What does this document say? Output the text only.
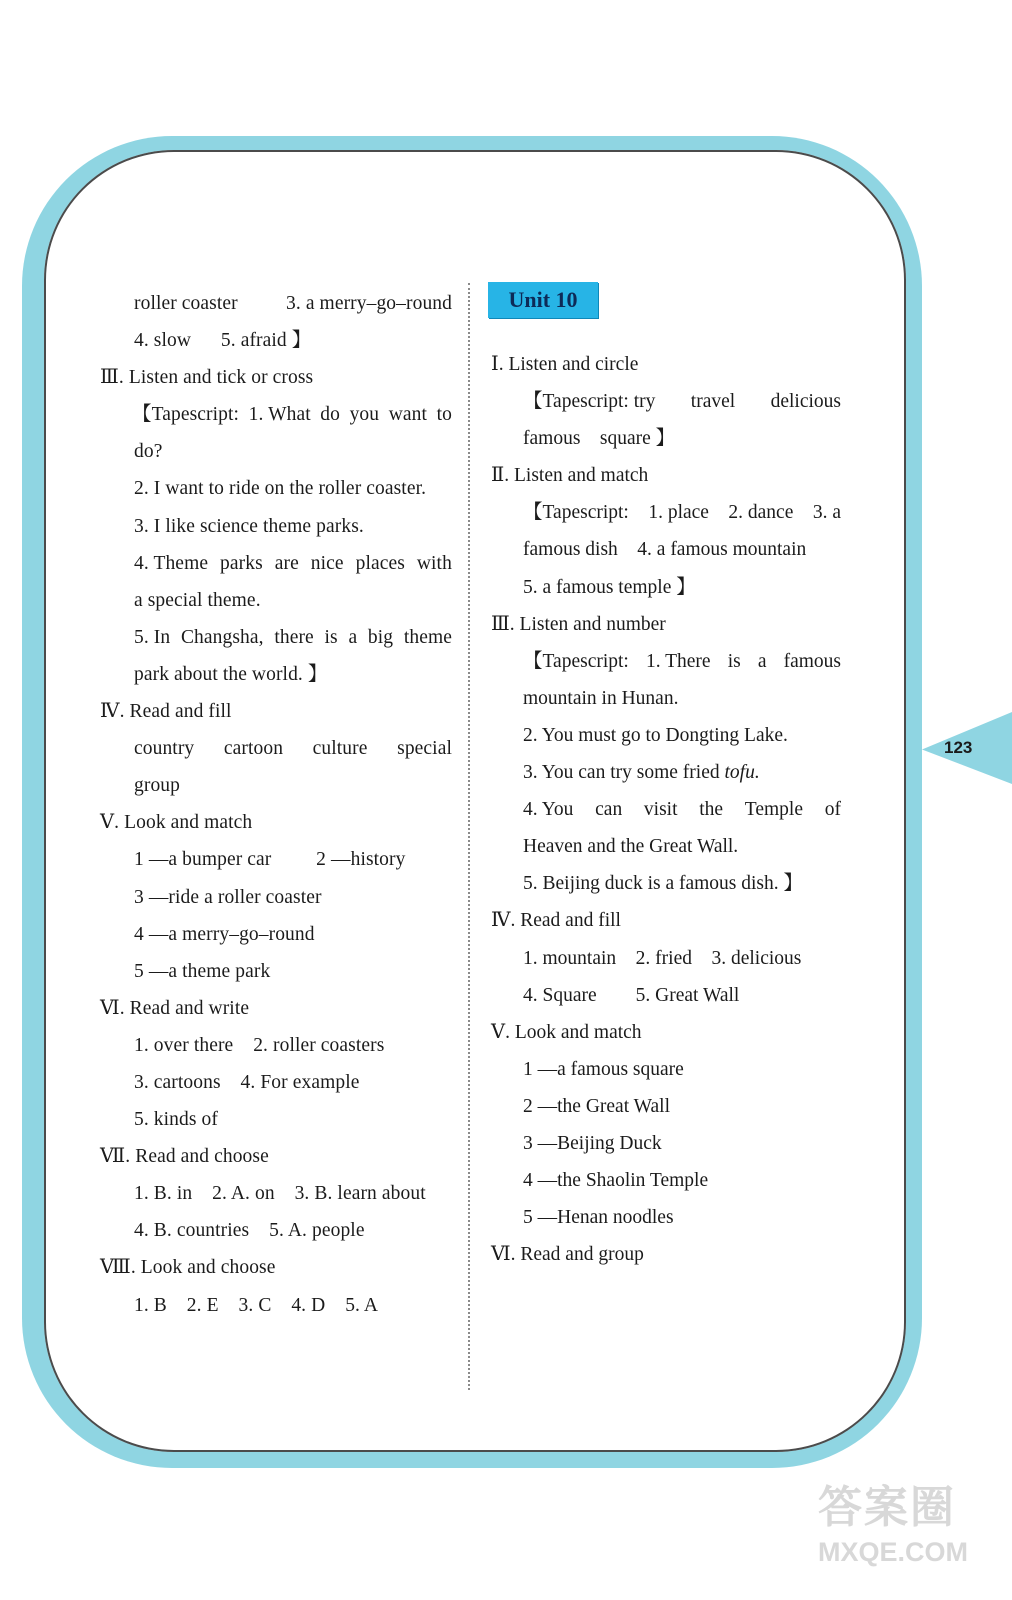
roller coaster 3. a merry–go–round
4. slow      5. afraid 】
Ⅲ. Listen and tick or cross
【Tapescript: 1. What do you want to
do?
2. I want to ride on the roller coaster.
3. I like science theme parks.
4. Theme parks are nice places with
a special theme.
5. In Changsha, there is a big theme
park about the world. 】
Ⅳ. Read and fill
country cartoon culture special
group
Ⅴ. Look and match
1 —a bumper car         2 —history
3 —ride a roller coaster
4 —a merry–go–round
5 —a theme park
Ⅵ. Read and write
1. over there    2. roller coasters
3. cartoons    4. For example
5. kinds of
Ⅶ. Read and choose
1. B. in    2. A. on    3. B. learn about
4. B. countries    5. A. people
Ⅷ. Look and choose
1. B    2. E    3. C    4. D    5. A
Unit 10
Ⅰ. Listen and circle
【Tapescript: try travel delicious
famous    square 】
Ⅱ. Listen and match
【Tapescript: 1. place 2. dance 3. a
famous dish    4. a famous mountain
5. a famous temple 】
Ⅲ. Listen and number
【Tapescript: 1. There is a famous
mountain in Hunan.
2. You must go to Dongting Lake.
3. You can try some fried tofu.
4. You can visit the Temple of
Heaven and the Great Wall.
5. Beijing duck is a famous dish. 】
Ⅳ. Read and fill
1. mountain    2. fried    3. delicious
4. Square        5. Great Wall
Ⅴ. Look and match
1 —a famous square
2 —the Great Wall
3 —Beijing Duck
4 —the Shaolin Temple
5 —Henan noodles
Ⅵ. Read and group
123
答案圈
MXQE.COM
